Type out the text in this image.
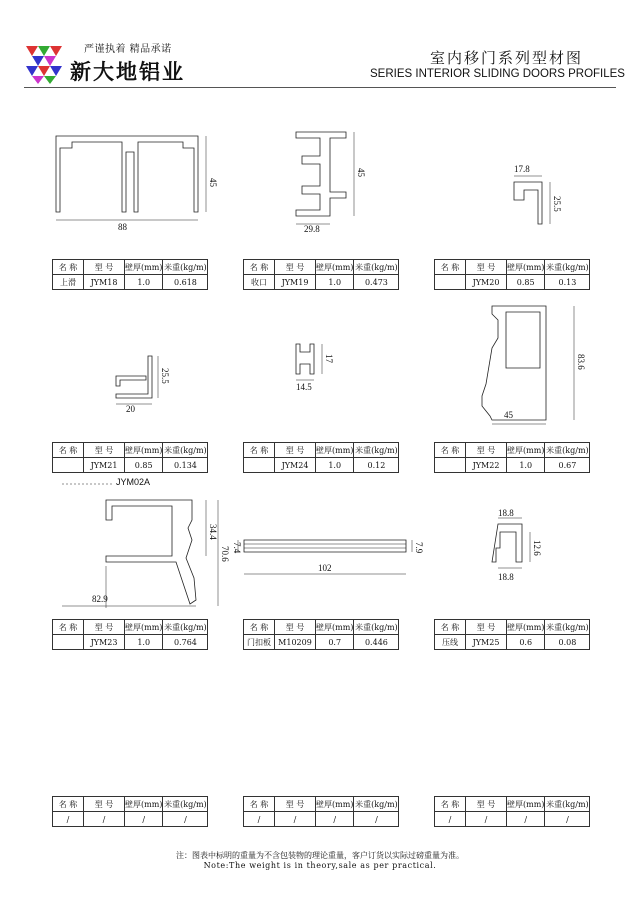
严谨执着 精品承诺
新大地铝业
室内移门系列型材图
SERIES INTERIOR SLIDING DOORS PROFILES
88
45
29.8
45	17.8
25.5
名 称	型 号	壁厚(mm)	米重(kg/m)
上滑	JYM18	1.0	0.618
名 称	型 号	壁厚(mm)	米重(kg/m)
收口	JYM19	1.0	0.473
名 称	型 号	壁厚(mm)	米重(kg/m)
	JYM20	0.85	0.13
20
25.5
14.5
17
45
83.6
名 称	型 号	壁厚(mm)	米重(kg/m)
	JYM21	0.85	0.134
名 称	型 号	壁厚(mm)	米重(kg/m)
	JYM24	1.0	0.12
名 称	型 号	壁厚(mm)	米重(kg/m)
	JYM22	1.0	0.67
JYM02A
82.9
70.6
34.4
102
7.4	7.9
18.8
12.6
18.8
名 称	型 号	壁厚(mm)	米重(kg/m)
	JYM23	1.0	0.764
名 称	型 号	壁厚(mm)	米重(kg/m)
门扣板	M10209	0.7	0.446
名 称	型 号	壁厚(mm)	米重(kg/m)
压线	JYM25	0.6	0.08
名 称	型 号	壁厚(mm)	米重(kg/m)
/	/	/	/
名 称	型 号	壁厚(mm)	米重(kg/m)
/	/	/	/
名 称	型 号	壁厚(mm)	米重(kg/m)
/	/	/	/
注：图表中标明的重量为不含包装物的理论重量，客户订货以实际过磅重量为准。
Note:The weight is in theory,sale as per practical.
